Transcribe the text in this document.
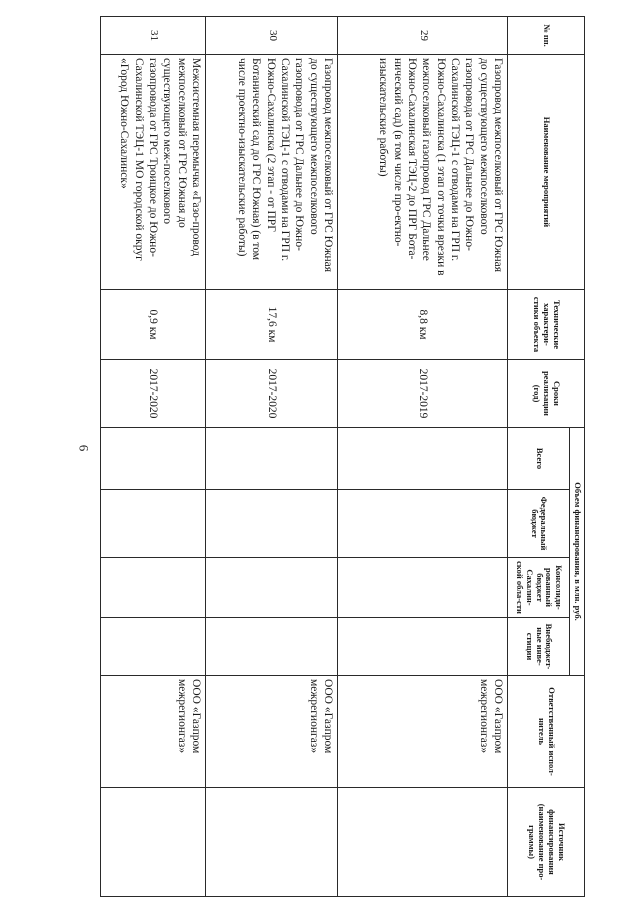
6
№ пп.	Наименование мероприятий	Технические характери-стики объекта	Сроки реализации (год)	Объем финансирования, в млн. руб.				Ответственный испол-нитель	Источник финансирования (наименование про-граммы)
				Всего	Федеральный бюджет	Консолиди-рованный бюджет Сахалин-ской обла-сти	Внебюджет-ные инве-стиции		
29	Газопровод межпоселковый от ГРС Южная до существующего межпоселкового газопровода от ГРС Дальнее до Южно-Сахалинской ТЭЦ-1 с отводами на ГРП г. Южно-Сахалинска (1 этап от точки врезки в межпоселковый газопровод ГРС Дальнее Южно-Сахалинская ТЭЦ-2 до ПРГ Бота-нический сад) (в том числе про-ектно-изыскательские работы)	8,8 км	2017-2019					ООО «Газпром межрегионгаз»	
30	Газопровод межпоселковый от ГРС Южная до существующего межпоселкового газопровода от ГРС Дальнее до Южно-Сахалинской ТЭЦ-1 с отводами на ГРП г. Южно-Сахалинска (2 этап - от ПРГ Ботанический сад до ГРС Южная) (в том числе проектно-изыскательские работы)	17,6 км	2017-2020					ООО «Газпром межрегионгаз»	
31	Межсистемная перемычка «Газо-провод межпоселковый от ГРС Южная до существующего меж-поселкового газопровода от ГРС Троицкое до Южно-Сахалинской ТЭЦ-1 МО городской округ «Город Южно-Сахалинск»	0,9 км	2017-2020					ООО «Газпром межрегионгаз»	
